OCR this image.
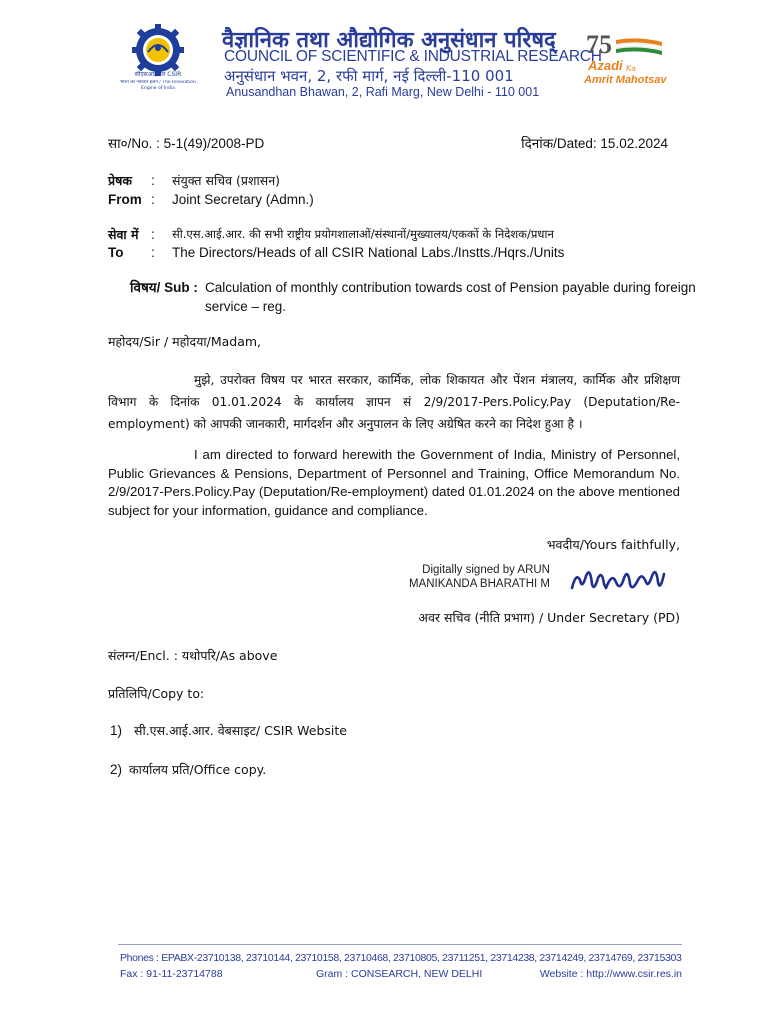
सीएसआईआर CSIR
भारत का नवाचार इंजन / The Innovation Engine of India
वैज्ञानिक तथा औद्योगिक अनुसंधान परिषद्
COUNCIL OF SCIENTIFIC & INDUSTRIAL RESEARCH
अनुसंधान भवन, 2, रफी मार्ग, नई दिल्ली-110 001
Anusandhan Bhawan, 2, Rafi Marg, New Delhi - 110 001
75
Azadi Ka
Amrit Mahotsav
सा०/No. : 5-1(49)/2008-PD	दिनांक/Dated: 15.02.2024
प्रेषक : संयुक्त सचिव (प्रशासन)
From : Joint Secretary (Admn.)
सेवा में : सी.एस.आई.आर. की सभी राष्ट्रीय प्रयोगशालाओं/संस्थानों/मुख्यालय/एककों के निदेशक/प्रधान
To : The Directors/Heads of all CSIR National Labs./Instts./Hqrs./Units
विषय/ Sub : Calculation of monthly contribution towards cost of Pension payable during foreign
service – reg.
महोदय/Sir / महोदया/Madam,
मुझे, उपरोक्त विषय पर भारत सरकार, कार्मिक, लोक शिकायत और पेंशन मंत्रालय, कार्मिक और प्रशिक्षण विभाग के दिनांक 01.01.2024 के कार्यालय ज्ञापन सं 2/9/2017-Pers.Policy.Pay (Deputation/Re-employment) को आपकी जानकारी, मार्गदर्शन और अनुपालन के लिए अग्रेषित करने का निदेश हुआ है ।
I am directed to forward herewith the Government of India, Ministry of Personnel, Public Grievances & Pensions, Department of Personnel and Training, Office Memorandum No. 2/9/2017-Pers.Policy.Pay (Deputation/Re-employment) dated 01.01.2024 on the above mentioned subject for your information, guidance and compliance.
भवदीय/Yours faithfully,
Digitally signed by ARUN
MANIKANDA BHARATHI M
अवर सचिव (नीति प्रभाग) / Under Secretary (PD)
संलग्न/Encl. : यथोपरि/As above
प्रतिलिपि/Copy to:
1) सी.एस.आई.आर. वेबसाइट/ CSIR Website
2) कार्यालय प्रति/Office copy.
Phones : EPABX-23710138, 23710144, 23710158, 23710468, 23710805, 23711251, 23714238, 23714249, 23714769, 23715303
Fax : 91-11-23714788	Gram : CONSEARCH, NEW DELHI	Website : http://www.csir.res.in
